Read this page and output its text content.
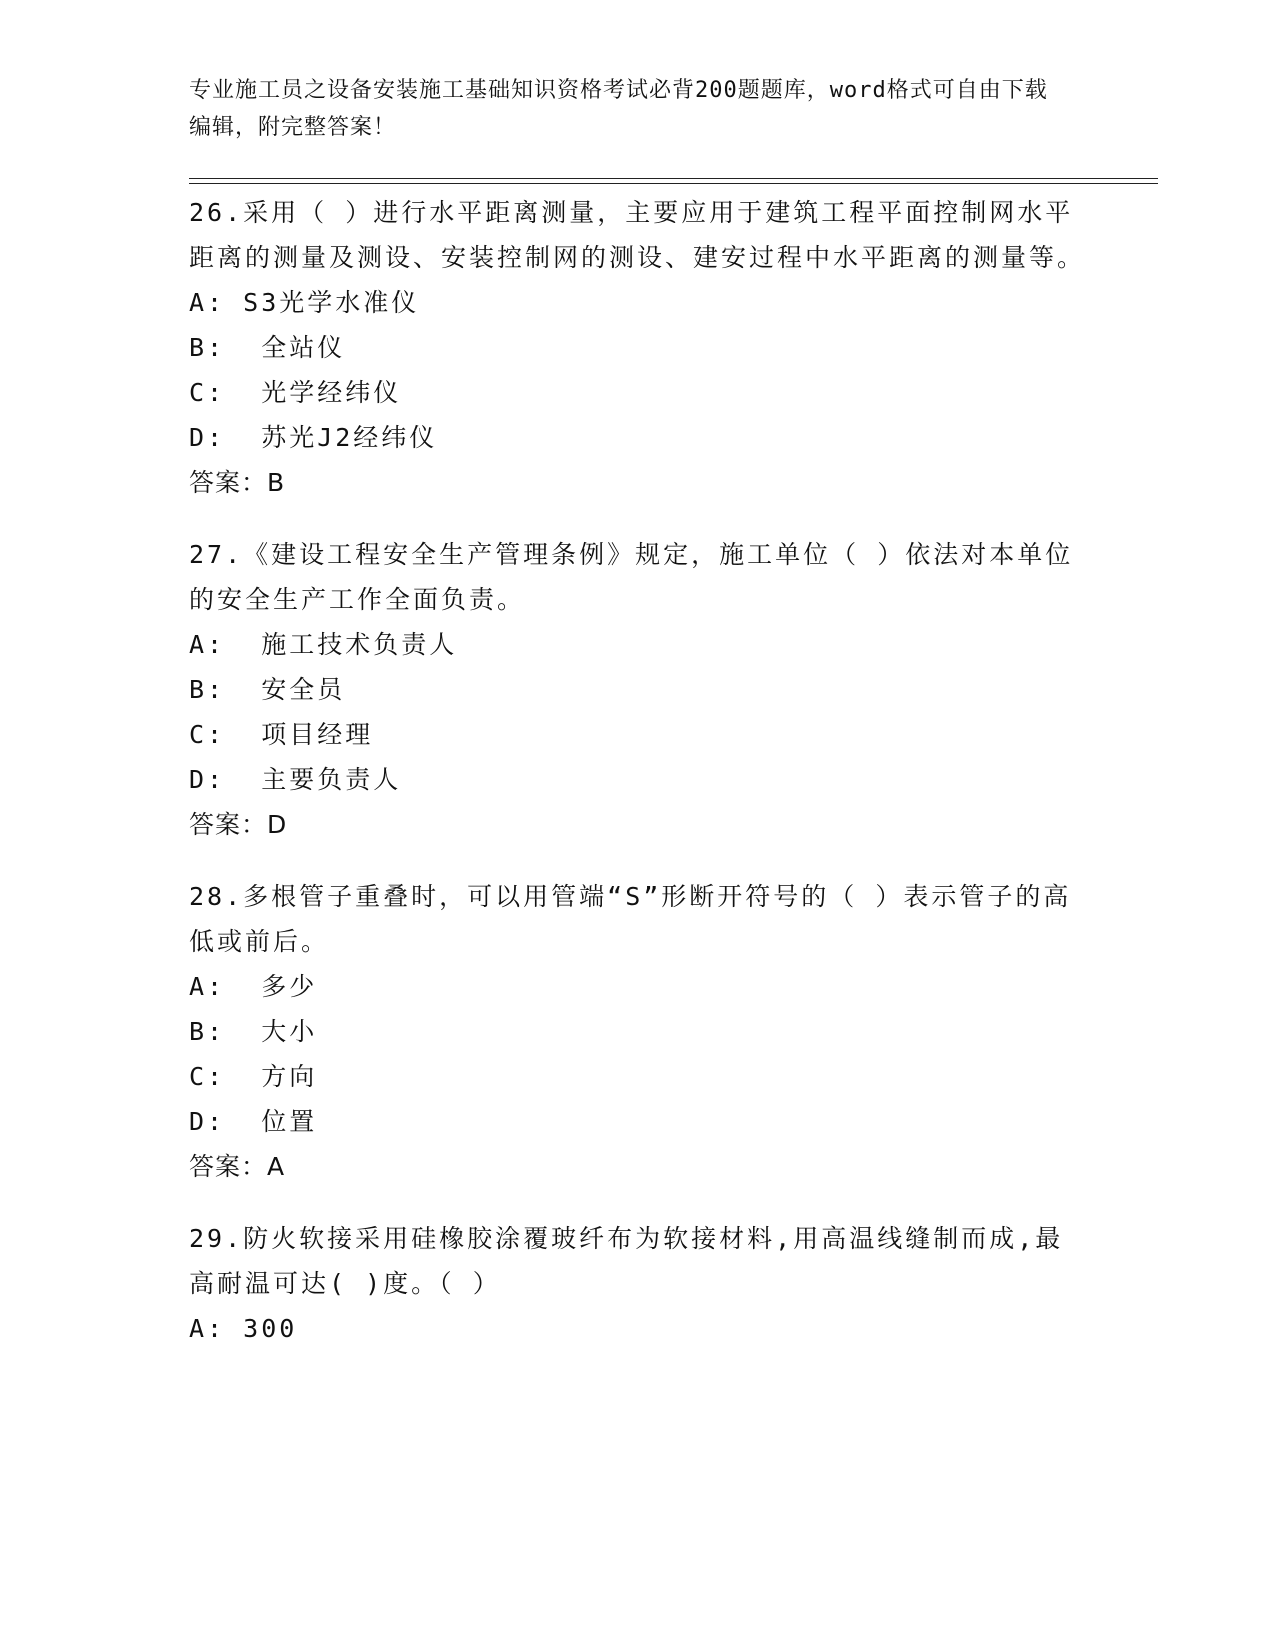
专业施工员之设备安装施工基础知识资格考试必背200题题库，word格式可自由下载编辑，附完整答案！

26.采用（ ）进行水平距离测量，主要应用于建筑工程平面控制网水平距离的测量及测设、安装控制网的测设、建安过程中水平距离的测量等。

A: S3光学水准仪

B:  全站仪

C:  光学经纬仪

D:  苏光J2经纬仪

答案：B

27.《建设工程安全生产管理条例》规定，施工单位（ ）依法对本单位的安全生产工作全面负责。

A:  施工技术负责人

B:  安全员

C:  项目经理

D:  主要负责人

答案：D

28.多根管子重叠时，可以用管端“S”形断开符号的（ ）表示管子的高低或前后。

A:  多少

B:  大小

C:  方向

D:  位置

答案：A

29.防火软接采用硅橡胶涂覆玻纤布为软接材料,用高温线缝制而成,最高耐温可达( )度。（ ）

A: 300
